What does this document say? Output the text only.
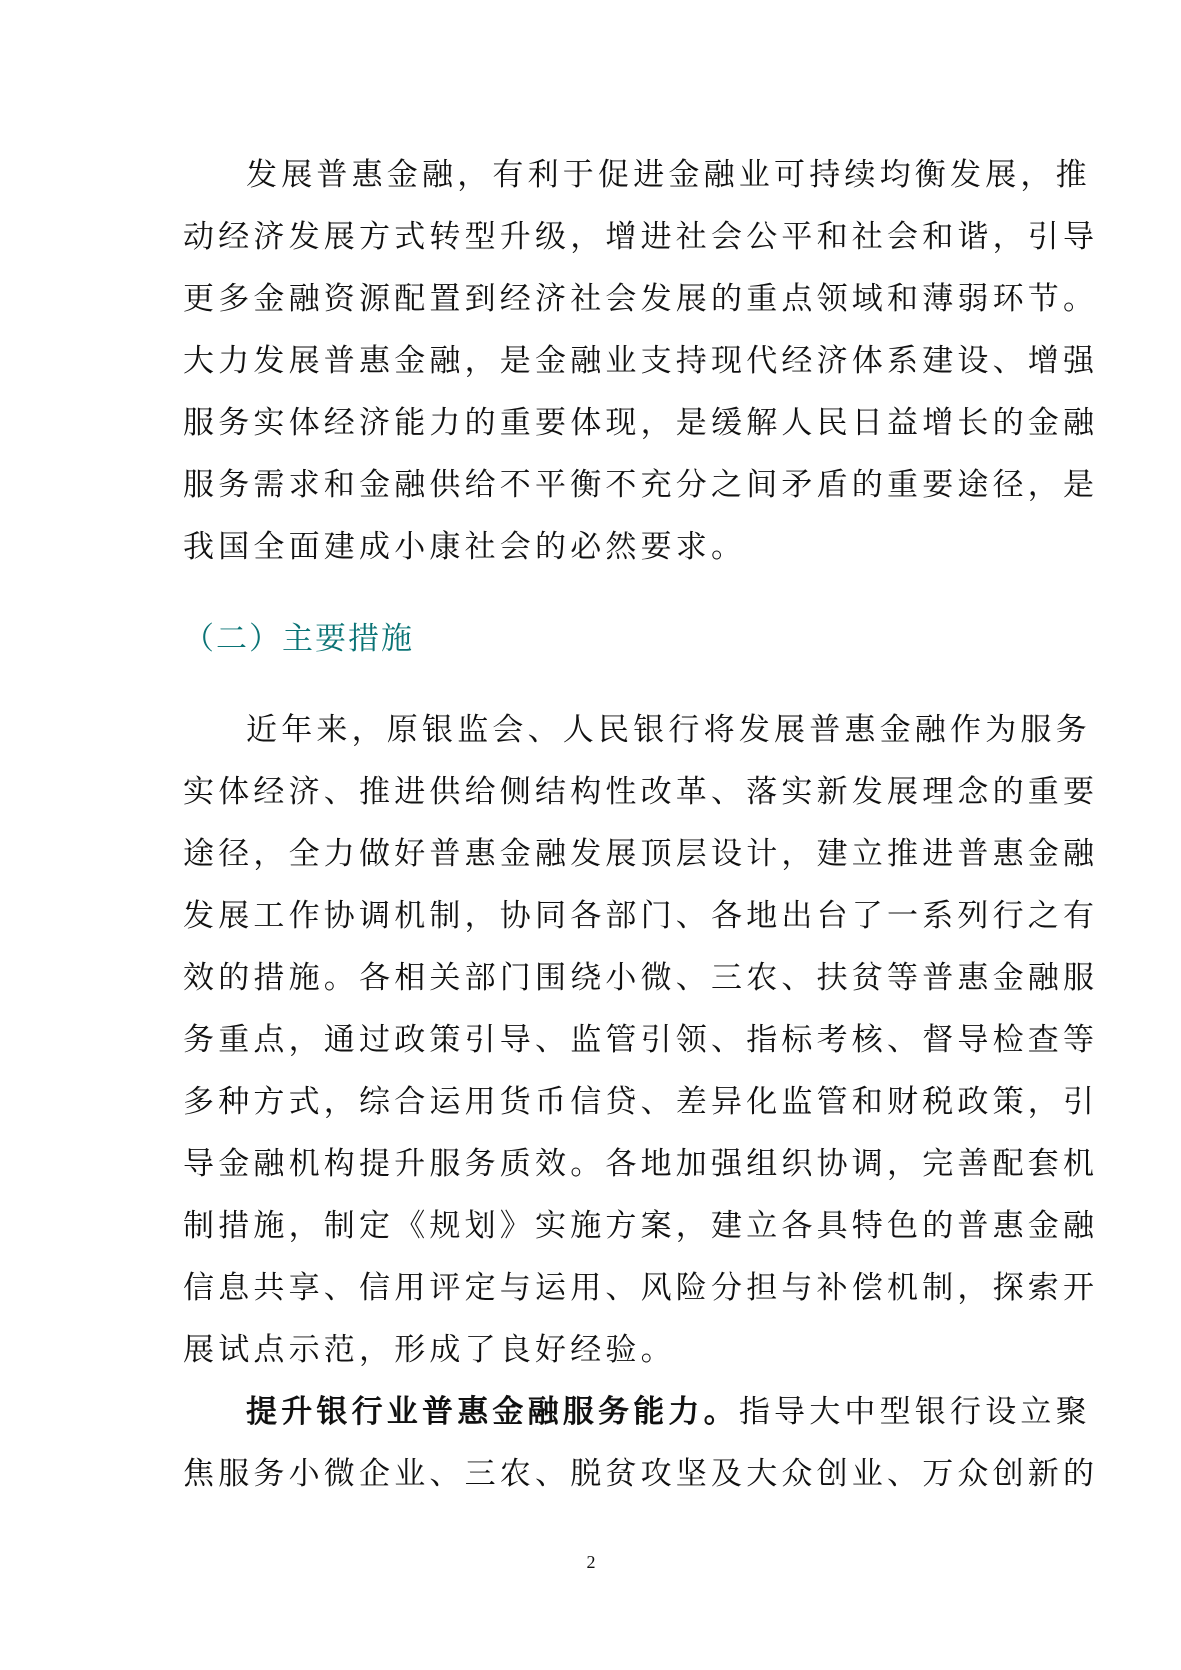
发展普惠金融，有利于促进金融业可持续均衡发展，推
动经济发展方式转型升级，增进社会公平和社会和谐，引导
更多金融资源配置到经济社会发展的重点领域和薄弱环节。
大力发展普惠金融，是金融业支持现代经济体系建设、增强
服务实体经济能力的重要体现，是缓解人民日益增长的金融
服务需求和金融供给不平衡不充分之间矛盾的重要途径，是
我国全面建成小康社会的必然要求。
（二）主要措施
近年来，原银监会、人民银行将发展普惠金融作为服务
实体经济、推进供给侧结构性改革、落实新发展理念的重要
途径，全力做好普惠金融发展顶层设计，建立推进普惠金融
发展工作协调机制，协同各部门、各地出台了一系列行之有
效的措施。各相关部门围绕小微、三农、扶贫等普惠金融服
务重点，通过政策引导、监管引领、指标考核、督导检查等
多种方式，综合运用货币信贷、差异化监管和财税政策，引
导金融机构提升服务质效。各地加强组织协调，完善配套机
制措施，制定《规划》实施方案，建立各具特色的普惠金融
信息共享、信用评定与运用、风险分担与补偿机制，探索开
展试点示范，形成了良好经验。
提升银行业普惠金融服务能力。指导大中型银行设立聚
焦服务小微企业、三农、脱贫攻坚及大众创业、万众创新的
2
